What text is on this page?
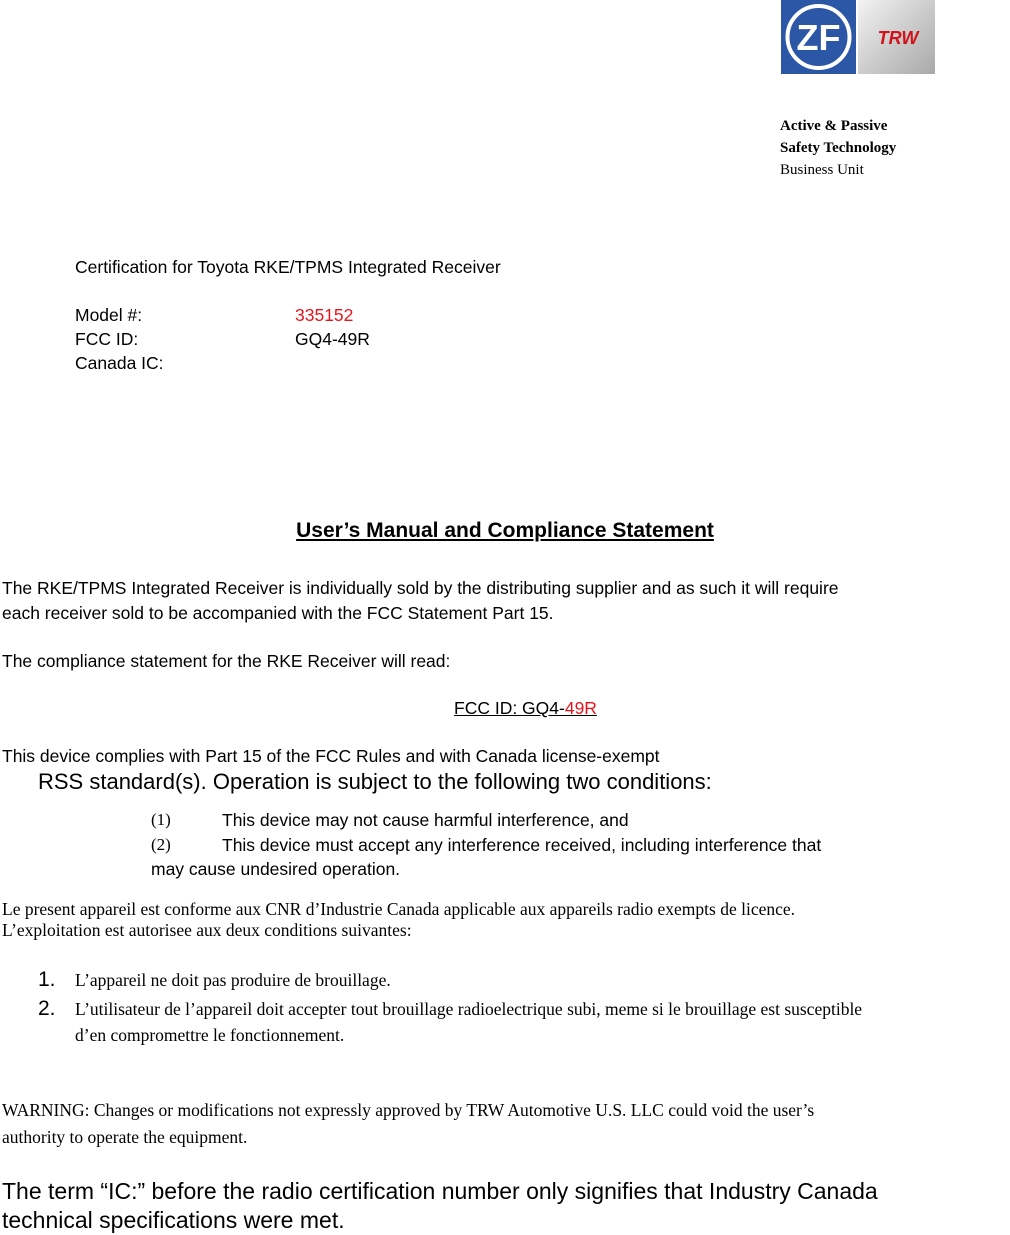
ZF TRW
Active & Passive
Safety Technology
Business Unit
Certification for Toyota RKE/TPMS Integrated Receiver
Model #:	335152
FCC ID:	GQ4-49R
Canada IC:
User’s Manual and Compliance Statement
The RKE/TPMS Integrated Receiver is individually sold by the distributing supplier and as such it will require
each receiver sold to be accompanied with the FCC Statement Part 15.
The compliance statement for the RKE Receiver will read:
FCC ID: GQ4-49R
This device complies with Part 15 of the FCC Rules and with Canada license-exempt
RSS standard(s). Operation is subject to the following two conditions:
(1)	This device may not cause harmful interference, and
(2)	This device must accept any interference received, including interference that
may cause undesired operation.
Le present appareil est conforme aux CNR d’Industrie Canada applicable aux appareils radio exempts de licence.
L’exploitation est autorisee aux deux conditions suivantes:
1. L’appareil ne doit pas produire de brouillage.
2. L’utilisateur de l’appareil doit accepter tout brouillage radioelectrique subi, meme si le brouillage est susceptible
d’en compromettre le fonctionnement.
WARNING: Changes or modifications not expressly approved by TRW Automotive U.S. LLC could void the user’s
authority to operate the equipment.
The term “IC:” before the radio certification number only signifies that Industry Canada
technical specifications were met.
